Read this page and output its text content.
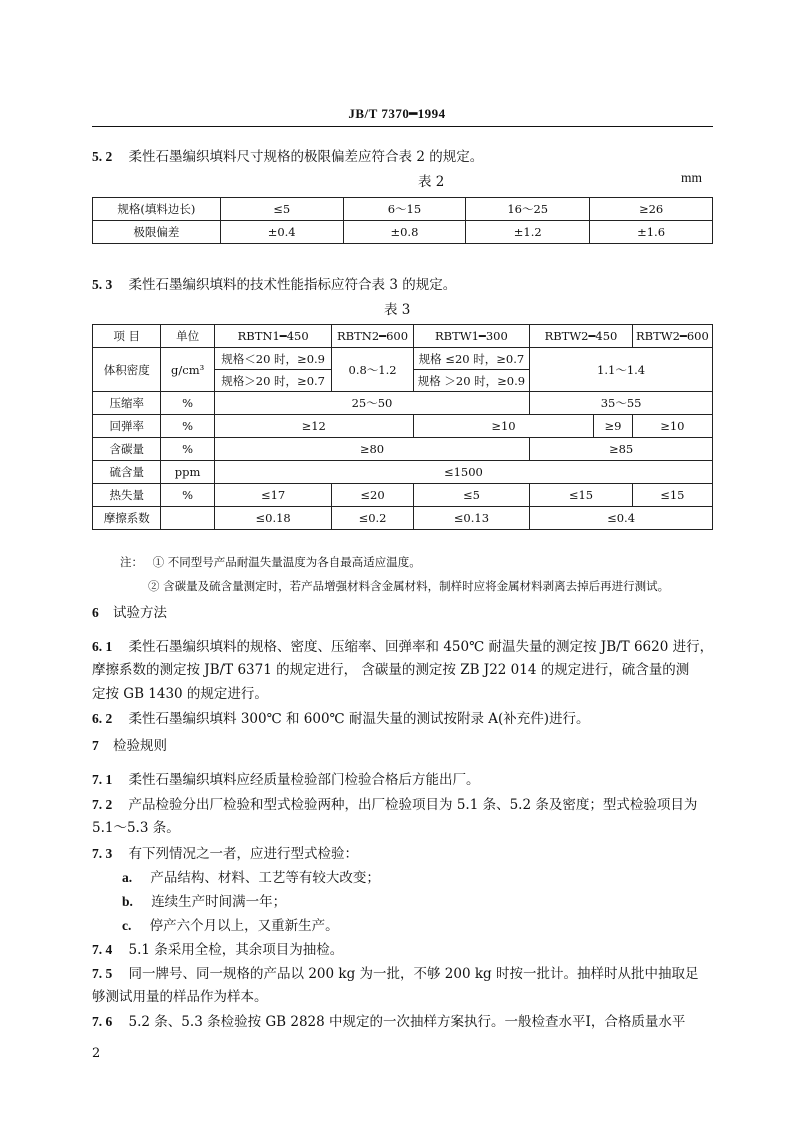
JB/T 7370━1994
5. 2 柔性石墨编织填料尺寸规格的极限偏差应符合表 2 的规定。
表 2	mm
规格(填料边长)	≤5	6～15	16～25	≥26
极限偏差	±0.4	±0.8	±1.2	±1.6
5. 3 柔性石墨编织填料的技术性能指标应符合表 3 的规定。
表 3
项 目	单位	RBTN1━450	RBTN2━600	RBTW1━300	RBTW2━450		RBTW2━600
体积密度	g/cm³	规格＜20 时，≥0.9	0.8～1.2	规格 ≤20 时，≥0.7	1.1～1.4		
		规格＞20 时，≥0.7		规格 ＞20 时，≥0.9			
压缩率	%	25～50			35～55		
回弹率	%	≥12		≥10		≥9	≥10
含碳量	%	≥80			≥85		
硫含量	ppm	≤1500					
热失量	%	≤17	≤20	≤5	≤15		≤15
摩擦系数		≤0.18	≤0.2	≤0.13	≤0.4		
注： ① 不同型号产品耐温失量温度为各自最高适应温度。
② 含碳量及硫含量测定时，若产品增强材料含金属材料，制样时应将金属材料剥离去掉后再进行测试。
6 试验方法
6. 1 柔性石墨编织填料的规格、密度、压缩率、回弹率和 450℃ 耐温失量的测定按 JB/T 6620 进行，
摩擦系数的测定按 JB/T 6371 的规定进行， 含碳量的测定按 ZB J22 014 的规定进行，硫含量的测
定按 GB 1430 的规定进行。
6. 2 柔性石墨编织填料 300℃ 和 600℃ 耐温失量的测试按附录 A(补充件)进行。
7 检验规则
7. 1 柔性石墨编织填料应经质量检验部门检验合格后方能出厂。
7. 2 产品检验分出厂检验和型式检验两种，出厂检验项目为 5.1 条、5.2 条及密度；型式检验项目为
5.1～5.3 条。
7. 3 有下列情况之一者，应进行型式检验：
a. 产品结构、材料、工艺等有较大改变；
b. 连续生产时间满一年；
c. 停产六个月以上，又重新生产。
7. 4 5.1 条采用全检，其余项目为抽检。
7. 5 同一牌号、同一规格的产品以 200 kg 为一批，不够 200 kg 时按一批计。抽样时从批中抽取足
够测试用量的样品作为样本。
7. 6 5.2 条、5.3 条检验按 GB 2828 中规定的一次抽样方案执行。一般检查水平Ⅰ，合格质量水平
2
